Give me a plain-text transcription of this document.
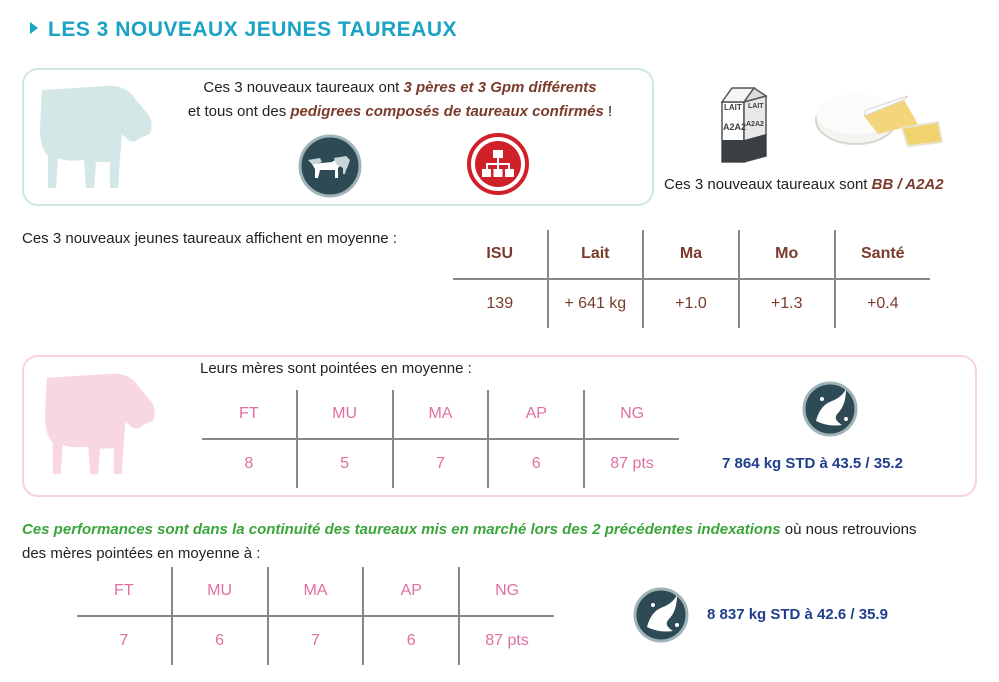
LES 3 NOUVEAUX JEUNES TAUREAUX
Ces 3 nouveaux taureaux ont 3 pères et 3 Gpm différents
et tous ont des pedigrees composés de taureaux confirmés !	LAIT LAIT
A2A2 A2A2
Ces 3 nouveaux taureaux sont BB / A2A2
Ces 3 nouveaux jeunes taureaux affichent en moyenne :
ISU	Lait	Ma	Mo	Santé
139	+ 641 kg	+1.0	+1.3	+0.4
Leurs mères sont pointées en moyenne :
FT	MU	MA	AP	NG
8	5	7	6	87 pts	7 864 kg STD à 43.5 / 35.2
Ces performances sont dans la continuité des taureaux mis en marché lors des 2 précédentes indexations où nous retrouvions
des mères pointées en moyenne à :
FT	MU	MA	AP	NG
7	6	7	6	87 pts
8 837 kg STD à 42.6 / 35.9
